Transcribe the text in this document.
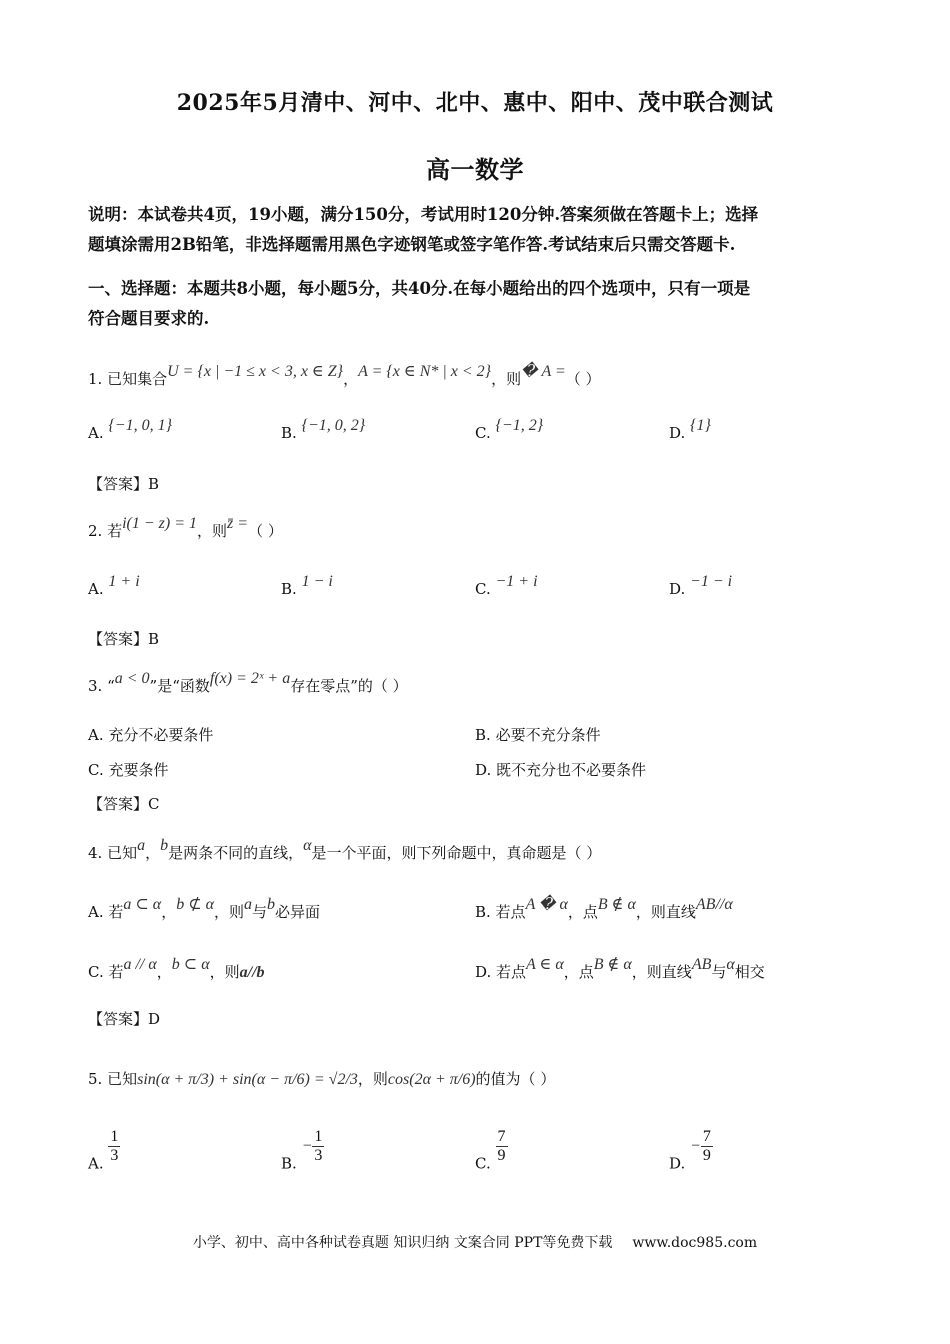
2025年5月清中、河中、北中、惠中、阳中、茂中联合测试
高一数学
说明：本试卷共4页，19小题，满分150分，考试用时120分钟.答案须做在答题卡上；选择
题填涂需用2B铅笔，非选择题需用黑色字迹钢笔或签字笔作答.考试结束后只需交答题卡.
一、选择题：本题共8小题，每小题5分，共40分.在每小题给出的四个选项中，只有一项是
符合题目要求的.
1. 已知集合U = {x | −1 ≤ x < 3, x ∈ Z}，A = {x ∈ N* | x < 2}，则� A =（ ）
A. {−1, 0, 1}	B. {−1, 0, 2}	C. {−1, 2}	D. {1}
【答案】B
2. 若i(1 − z) = 1，则z̄ =（ ）
A. 1 + i	B. 1 − i	C. −1 + i	D. −1 − i
【答案】B
3. “a < 0”是“函数f(x) = 2ˣ + a存在零点”的（ ）
A. 充分不必要条件	B. 必要不充分条件
C. 充要条件	D. 既不充分也不必要条件
【答案】C
4. 已知a，b是两条不同的直线，α是一个平面，则下列命题中，真命题是（ ）
A. 若a ⊂ α，b ⊄ α，则a与b必异面	B. 若点A � α，点B ∉ α，则直线AB//α
C. 若a // α，b ⊂ α，则a//b	D. 若点A ∈ α，点B ∉ α，则直线AB与α相交
【答案】D
5. 已知sin(α + π/3) + sin(α − π/6) = √2/3，则cos(2α + π/6)的值为（ ）
A. $\frac{1}{3}$	B. − $\frac{1}{3}$	C. $\frac{7}{9}$	D. − $\frac{7}{9}$
小学、初中、高中各种试卷真题 知识归纳 文案合同 PPT等免费下载 www.doc985.com
